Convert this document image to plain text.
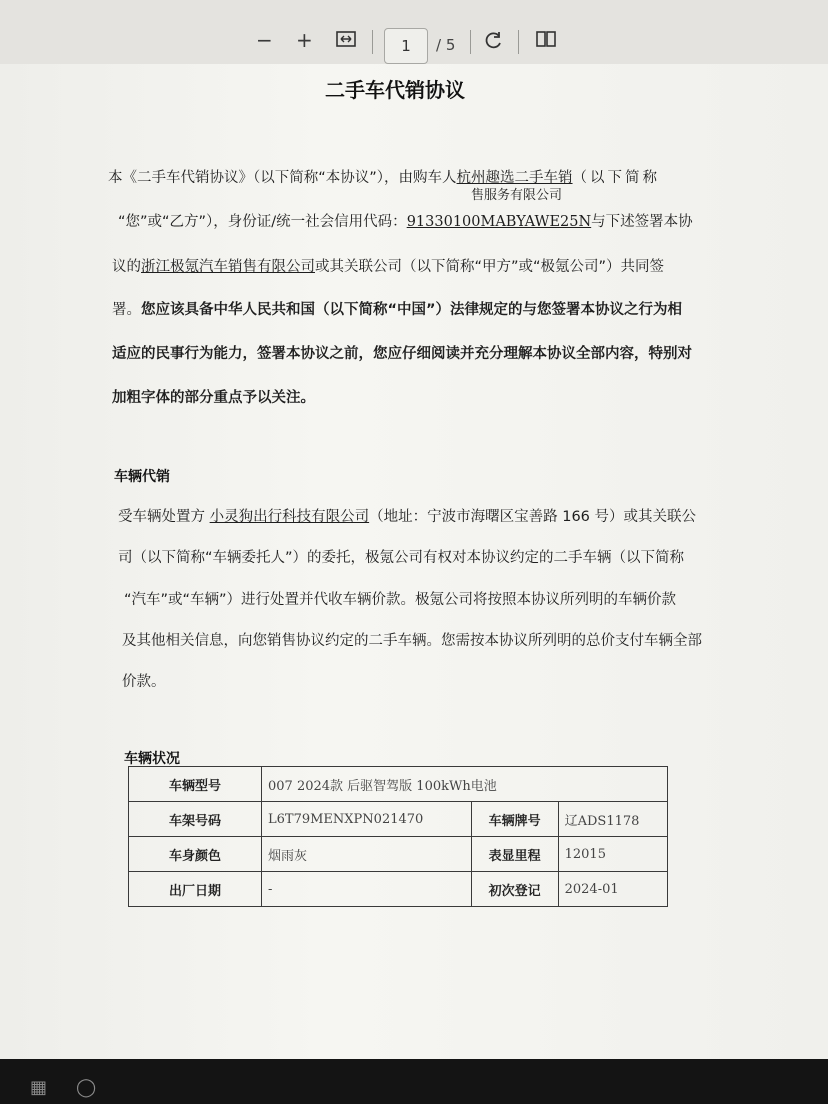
− +	1	/ 5
二手车代销协议
本《二手车代销协议》（以下简称“本协议”），由购车人杭州趣选二手车销（以下简称
售服务有限公司
“您”或“乙方”），身份证/统一社会信用代码：91330100MABYAWE25N与下述签署本协
议的浙江极氪汽车销售有限公司或其关联公司（以下简称“甲方”或“极氪公司”）共同签
署。您应该具备中华人民共和国（以下简称“中国”）法律规定的与您签署本协议之行为相
适应的民事行为能力，签署本协议之前，您应仔细阅读并充分理解本协议全部内容，特别对
加粗字体的部分重点予以关注。
车辆代销
受车辆处置方 小灵狗出行科技有限公司（地址：宁波市海曙区宝善路 166 号）或其关联公
司（以下简称“车辆委托人”）的委托，极氪公司有权对本协议约定的二手车辆（以下简称
“汽车”或“车辆”）进行处置并代收车辆价款。极氪公司将按照本协议所列明的车辆价款
及其他相关信息，向您销售协议约定的二手车辆。您需按本协议所列明的总价支付车辆全部
价款。
车辆状况
车辆型号	007 2024款 后驱智驾版 100kWh电池		
车架号码	L6T79MENXPN021470	车辆牌号	辽ADS1178
车身颜色	烟雨灰	表显里程	12015
出厂日期	-	初次登记	2024-01
▦ ◯
